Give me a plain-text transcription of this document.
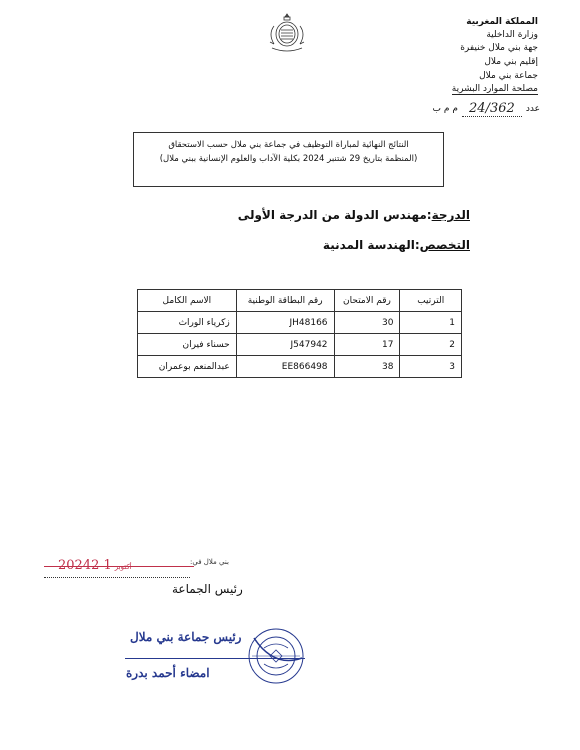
المملكة المغربية
وزارة الداخلية
جهة بني ملال خنيفرة
إقليم بني ملال
جماعة بني ملال
مصلحة الموارد البشرية
عدد
24/362
م م ب
النتائج النهائية لمباراة التوظيف في جماعة بني ملال حسب الاستحقاق
(المنظمة بتاريخ 29 شتنبر 2024 بكلية الآداب والعلوم الإنسانية ببني ملال)
الدرجة:مهندس الدولة من الدرجة الأولى
التخصص:الهندسة المدنية
الترتيب	رقم الامتحان	رقم البطاقة الوطنية	الاسم الكامل
1	30	JH48166	زكرياء الوراث
2	17	J547942	حسناء فيران
3	38	EE866498	عبدالمنعم بوعمران
بني ملال في:
2024	أكتوبر1 2
رئيس الجماعة
رئيس جماعة بني ملال
امضاء أحمد بدرة
